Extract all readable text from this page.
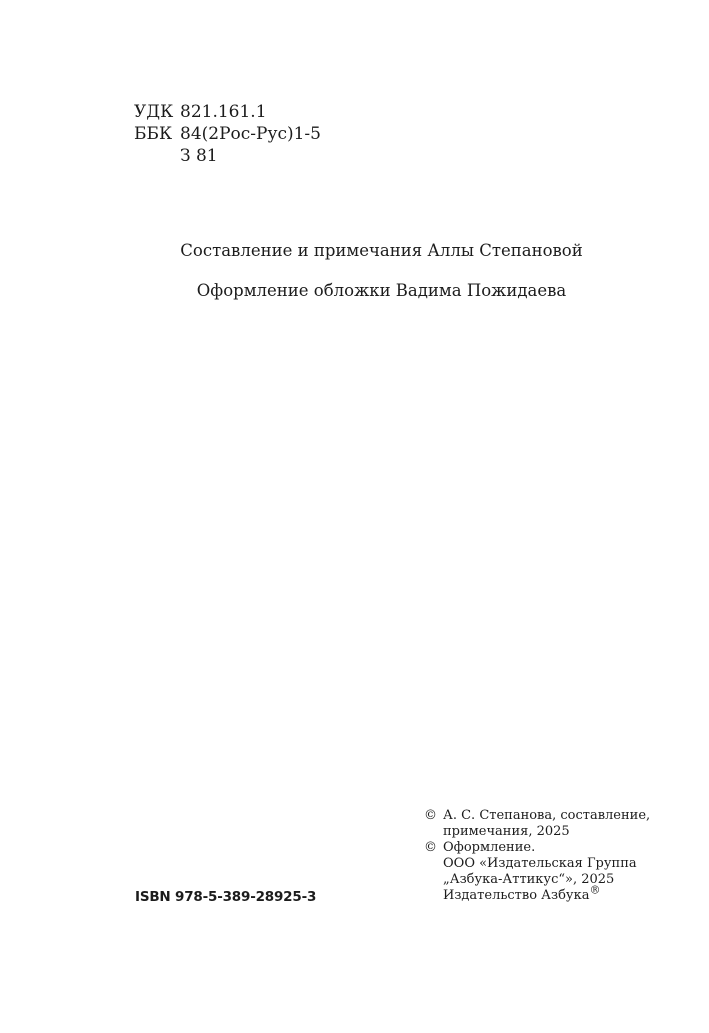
УДК 821.161.1
ББК 84(2Рос-Рус)1-5
З 81
Составление и примечания Аллы Степановой
Оформление обложки Вадима Пожидаева
© А. С. Степанова, составление,
примечания, 2025
© Оформление.
ООО «Издательская Группа
„Азбука-Аттикус“», 2025
Издательство Азбука®
ISBN 978-5-389-28925-3
